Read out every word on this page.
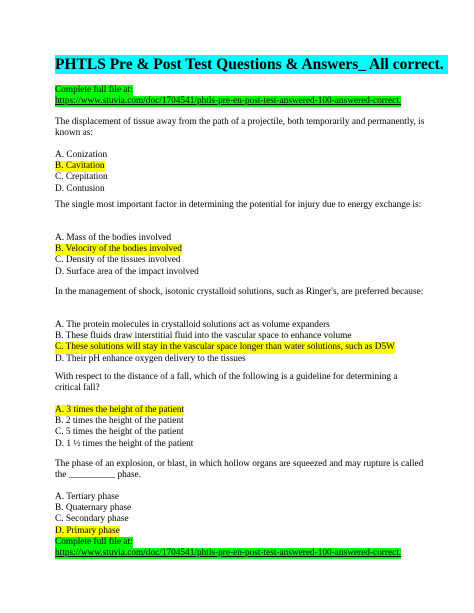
PHTLS Pre & Post Test Questions & Answers_ All correct.
Complete full file at:
https://www.stuvia.com/doc/1704541/phtls-pre-en-post-test-answered-100-answered-correct.
The displacement of tissue away from the path of a projectile, both temporarily and permanently, is known as:
A. Conization
B. Cavitation
C. Crepitation
D. Contusion
The single most important factor in determining the potential for injury due to energy exchange is:
A. Mass of the bodies involved
B. Velocity of the bodies involved
C. Density of the tissues involved
D. Surface area of the impact involved
In the management of shock, isotonic crystalloid solutions, such as Ringer's, are preferred because:
A. The protein molecules in crystalloid solutions act as volume expanders
B. These fluids draw interstitial fluid into the vascular space to enhance volume
C. These solutions will stay in the vascular space longer than water solutions, such as D5W
D. Their pH enhance oxygen delivery to the tissues
With respect to the distance of a fall, which of the following is a guideline for determining a critical fall?
A. 3 times the height of the patient
B. 2 times the height of the patient
C. 5 times the height of the patient
D. 1 ½ times the height of the patient
The phase of an explosion, or blast, in which hollow organs are squeezed and may rupture is called the __________ phase.
A. Tertiary phase
B. Quaternary phase
C. Secondary phase
D. Primary phase
Complete full file at:
https://www.stuvia.com/doc/1704541/phtls-pre-en-post-test-answered-100-answered-correct.
